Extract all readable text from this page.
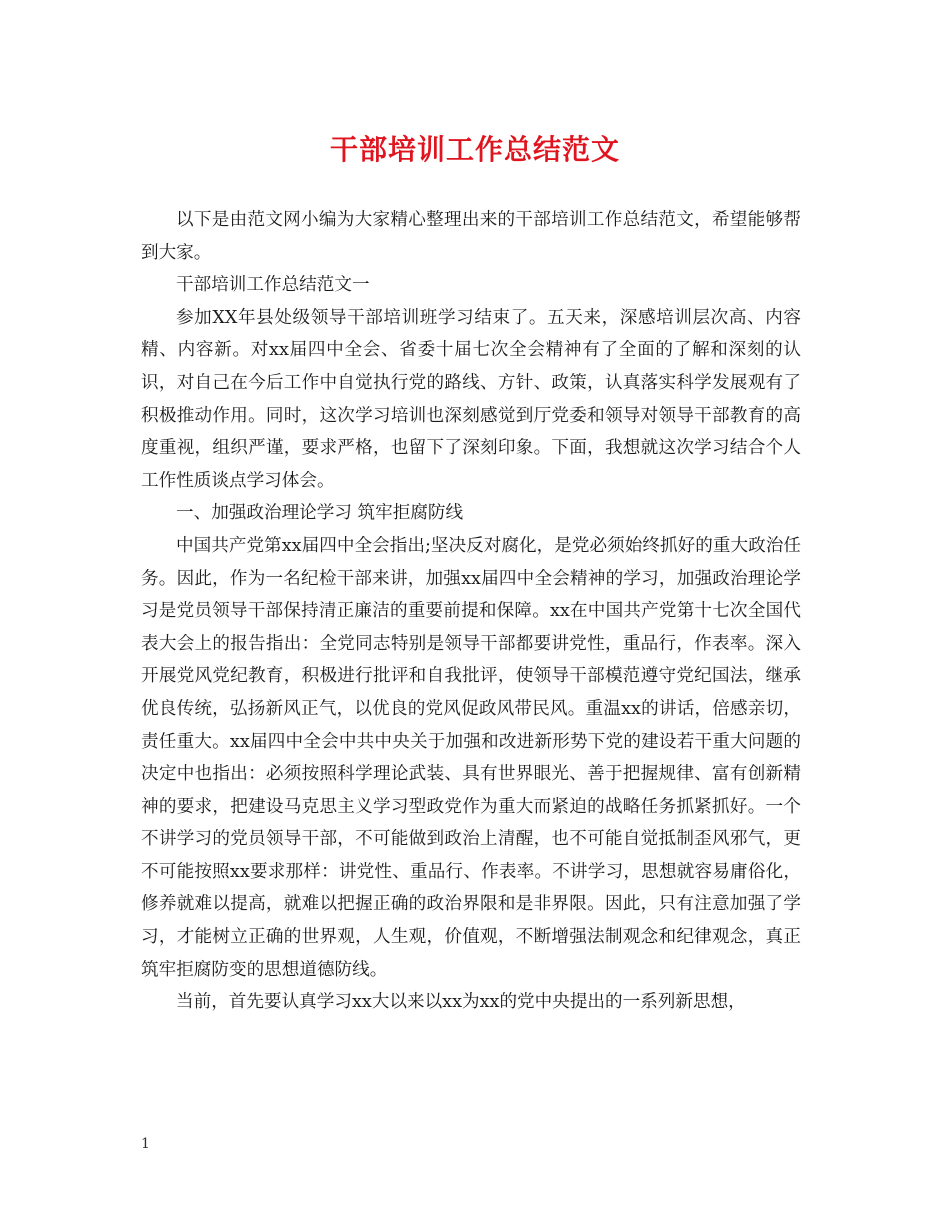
干部培训工作总结范文

以下是由范文网小编为大家精心整理出来的干部培训工作总结范文，希望能够帮到大家。

干部培训工作总结范文一

参加XX年县处级领导干部培训班学习结束了。五天来，深感培训层次高、内容精、内容新。对xx届四中全会、省委十届七次全会精神有了全面的了解和深刻的认识，对自己在今后工作中自觉执行党的路线、方针、政策，认真落实科学发展观有了积极推动作用。同时，这次学习培训也深刻感觉到厅党委和领导对领导干部教育的高度重视，组织严谨，要求严格，也留下了深刻印象。下面，我想就这次学习结合个人工作性质谈点学习体会。

一、加强政治理论学习 筑牢拒腐防线

中国共产党第xx届四中全会指出;坚决反对腐化，是党必须始终抓好的重大政治任务。因此，作为一名纪检干部来讲，加强xx届四中全会精神的学习，加强政治理论学习是党员领导干部保持清正廉洁的重要前提和保障。xx在中国共产党第十七次全国代表大会上的报告指出：全党同志特别是领导干部都要讲党性，重品行，作表率。深入开展党风党纪教育，积极进行批评和自我批评，使领导干部模范遵守党纪国法，继承优良传统，弘扬新风正气，以优良的党风促政风带民风。重温xx的讲话，倍感亲切，责任重大。xx届四中全会中共中央关于加强和改进新形势下党的建设若干重大问题的决定中也指出：必须按照科学理论武装、具有世界眼光、善于把握规律、富有创新精神的要求，把建设马克思主义学习型政党作为重大而紧迫的战略任务抓紧抓好。一个不讲学习的党员领导干部，不可能做到政治上清醒，也不可能自觉抵制歪风邪气，更不可能按照xx要求那样：讲党性、重品行、作表率。不讲学习，思想就容易庸俗化，修养就难以提高，就难以把握正确的政治界限和是非界限。因此，只有注意加强了学习，才能树立正确的世界观，人生观，价值观，不断增强法制观念和纪律观念，真正筑牢拒腐防变的思想道德防线。

当前，首先要认真学习xx大以来以xx为xx的党中央提出的一系列新思想，

1
